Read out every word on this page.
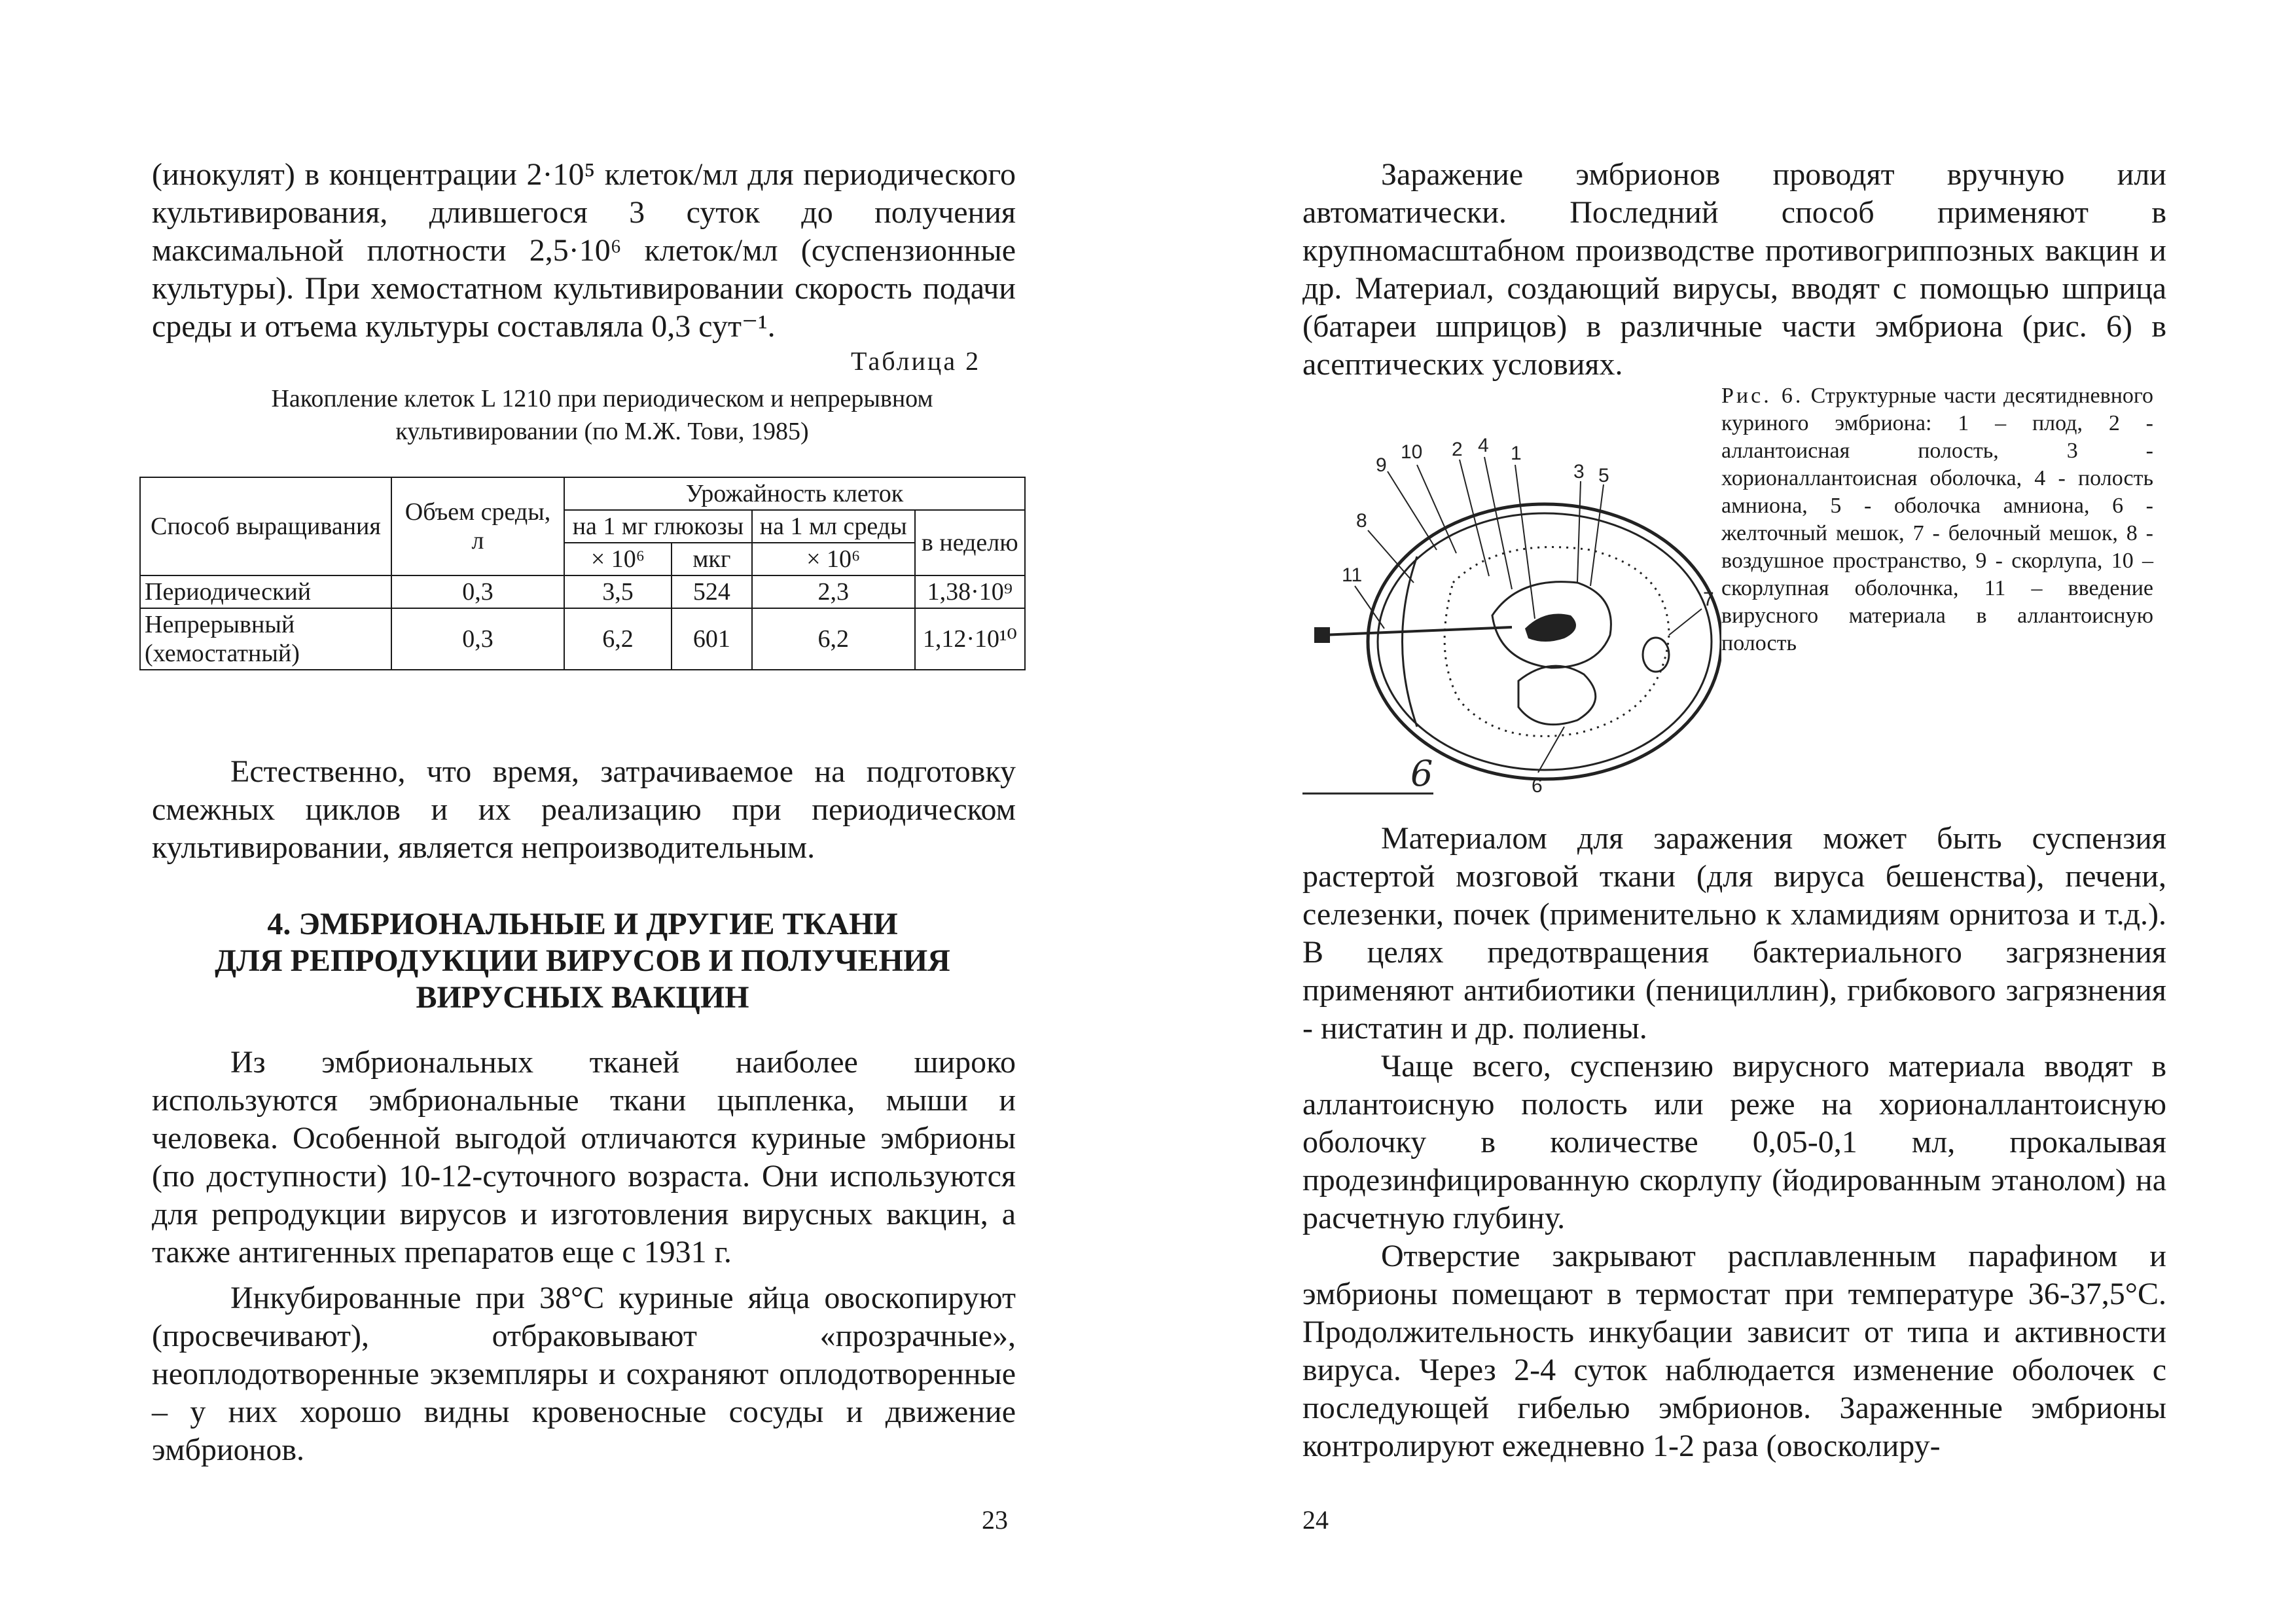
(инокулят) в концентрации 2·10⁵ клеток/мл для периодического культивирования, длившегося 3 суток до получения максимальной плотности 2,5·10⁶ клеток/мл (суспензионные культуры). При хемостатном культивировании скорость подачи среды и отъема культуры составляла 0,3 сут⁻¹.

Таблица 2
Накопление клеток L 1210 при периодическом и непрерывном культивировании (по М.Ж. Тови, 1985)
Способ выращивания	Объем среды, л	Урожайность клеток			
		на 1 мг глюкозы		на 1 мл среды	в неделю
		× 10⁶	мкг	× 10⁶	
Периодический	0,3	3,5	524	2,3	1,38·10⁹
Непрерывный (хемостатный)	0,3	6,2	601	6,2	1,12·10¹⁰

Естественно, что время, затрачиваемое на подготовку смежных циклов и их реализацию при периодическом культивировании, является непроизводительным.

4. ЭМБРИОНАЛЬНЫЕ И ДРУГИЕ ТКАНИ
ДЛЯ РЕПРОДУКЦИИ ВИРУСОВ И ПОЛУЧЕНИЯ
ВИРУСНЫХ ВАКЦИН

Из эмбриональных тканей наиболее широко используются эмбриональные ткани цыпленка, мыши и человека. Особенной выгодой отличаются куриные эмбрионы (по доступности) 10-12-суточного возраста. Они используются для репродукции вирусов и изготовления вирусных вакцин, а также антигенных препаратов еще с 1931 г.

Инкубированные при 38°С куриные яйца овоскопируют (просвечивают), отбраковывают «прозрачные», неоплодотворенные экземпляры и сохраняют оплодотворенные – у них хорошо видны кровеносные сосуды и движение эмбрионов.

23

Заражение эмбрионов проводят вручную или автоматически. Последний способ применяют в крупномасштабном производстве противогриппозных вакцин и др. Материал, создающий вирусы, вводят с помощью шприца (батареи шприцов) в различные части эмбриона (рис. 6) в асептических условиях.

Рис. 6. Структурные части десятидневного куриного эмбриона: 1 – плод, 2 - аллантоисная полость, 3 - хорионаллантоисная оболочка, 4 - полость амниона, 5 - оболочка амниона, 6 - желточный мешок, 7 - белочный мешок, 8 - воздушное пространство, 9 - скорлупа, 10 – скорлупная оболочнка, 11 – введение вирусного материала в аллантоисную полость
10 2 4 1
9	3 5
8
11
7
6
6

Материалом для заражения может быть суспензия растертой мозговой ткани (для вируса бешенства), печени, селезенки, почек (применительно к хламидиям орнитоза и т.д.). В целях предотвращения бактериального загрязнения применяют антибиотики (пенициллин), грибкового загрязнения - нистатин и др. полиены.

Чаще всего, суспензию вирусного материала вводят в аллантоисную полость или реже на хорионаллантоисную оболочку в количестве 0,05-0,1 мл, прокалывая продезинфицированную скорлупу (йодированным этанолом) на расчетную глубину.

Отверстие закрывают расплавленным парафином и эмбрионы помещают в термостат при температуре 36-37,5°С. Продолжительность инкубации зависит от типа и активности вируса. Через 2-4 суток наблюдается изменение оболочек с последующей гибелью эмбрионов. Зараженные эмбрионы контролируют ежедневно 1-2 раза (овосколиру-

24
